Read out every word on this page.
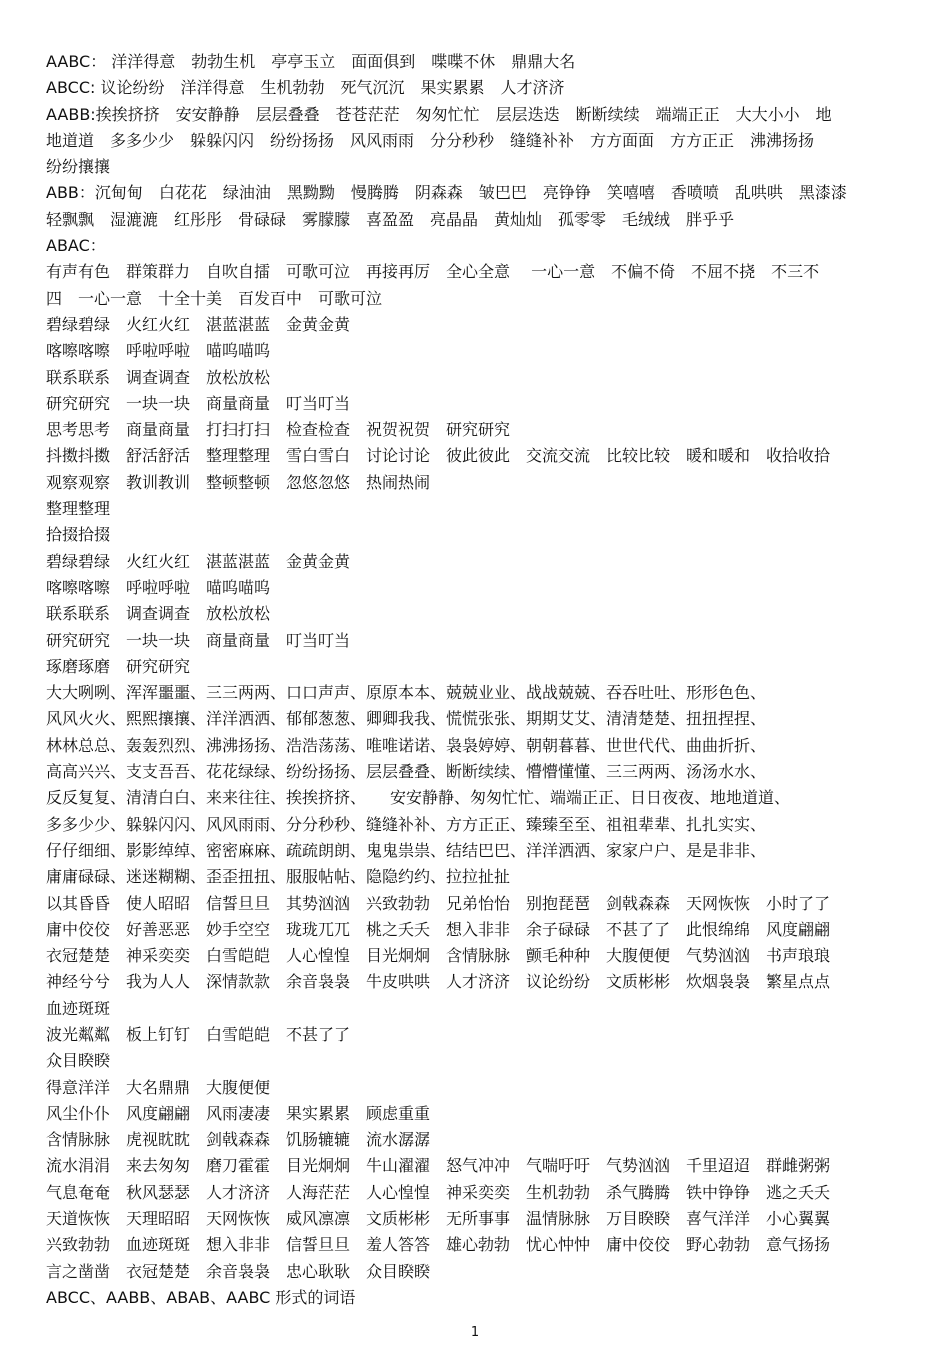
AABC： 洋洋得意　勃勃生机　亭亭玉立　面面俱到　喋喋不休　鼎鼎大名
ABCC: 议论纷纷　洋洋得意　生机勃勃　死气沉沉　果实累累　人才济济
AABB:挨挨挤挤　安安静静　层层叠叠　苍苍茫茫　匆匆忙忙　层层迭迭　断断续续　端端正正　大大小小　地
地道道　多多少少　躲躲闪闪　纷纷扬扬　风风雨雨　分分秒秒　缝缝补补　方方面面　方方正正　沸沸扬扬
纷纷攘攘
ABB：沉甸甸　白花花　绿油油　黑黝黝　慢腾腾　阴森森　皱巴巴　亮铮铮　笑嘻嘻　香喷喷　乱哄哄　黑漆漆
轻飘飘　湿漉漉　红彤彤　骨碌碌　雾朦朦　喜盈盈　亮晶晶　黄灿灿　孤零零　毛绒绒　胖乎乎
ABAC：
有声有色　群策群力　自吹自擂　可歌可泣　再接再厉　全心全意　 一心一意　不偏不倚　不屈不挠　不三不
四　一心一意　十全十美　百发百中　可歌可泣
碧绿碧绿　火红火红　湛蓝湛蓝　金黄金黄
喀嚓喀嚓　呼啦呼啦　喵呜喵呜
联系联系　调查调查　放松放松
研究研究　一块一块　商量商量　叮当叮当
思考思考　商量商量　打扫打扫　检查检查　祝贺祝贺　研究研究
抖擞抖擞　舒活舒活　整理整理　雪白雪白　讨论讨论　彼此彼此　交流交流　比较比较　暖和暖和　收拾收拾
观察观察　教训教训　整顿整顿　忽悠忽悠　热闹热闹
整理整理
拾掇拾掇
碧绿碧绿　火红火红　湛蓝湛蓝　金黄金黄
喀嚓喀嚓　呼啦呼啦　喵呜喵呜
联系联系　调查调查　放松放松
研究研究　一块一块　商量商量　叮当叮当
琢磨琢磨　研究研究
大大咧咧、浑浑噩噩、三三两两、口口声声、原原本本、兢兢业业、战战兢兢、吞吞吐吐、形形色色、
风风火火、熙熙攘攘、洋洋洒洒、郁郁葱葱、卿卿我我、慌慌张张、期期艾艾、清清楚楚、扭扭捏捏、
林林总总、轰轰烈烈、沸沸扬扬、浩浩荡荡、唯唯诺诺、袅袅婷婷、朝朝暮暮、世世代代、曲曲折折、
高高兴兴、支支吾吾、花花绿绿、纷纷扬扬、层层叠叠、断断续续、懵懵懂懂、三三两两、汤汤水水、
反反复复、清清白白、来来往往、挨挨挤挤、　　安安静静、匆匆忙忙、端端正正、日日夜夜、地地道道、
多多少少、躲躲闪闪、风风雨雨、分分秒秒、缝缝补补、方方正正、臻臻至至、祖祖辈辈、扎扎实实、
仔仔细细、影影绰绰、密密麻麻、疏疏朗朗、鬼鬼祟祟、结结巴巴、洋洋洒洒、家家户户、是是非非、
庸庸碌碌、迷迷糊糊、歪歪扭扭、服服帖帖、隐隐约约、拉拉扯扯
以其昏昏　使人昭昭　信誓旦旦　其势汹汹　兴致勃勃　兄弟怡怡　别抱琵琶　剑戟森森　天网恢恢　小时了了
庸中佼佼　好善恶恶　妙手空空　珑珑兀兀　桃之夭夭　想入非非　余子碌碌　不甚了了　此恨绵绵　风度翩翩
衣冠楚楚　神采奕奕　白雪皑皑　人心惶惶　目光炯炯　含情脉脉　颤毛种种　大腹便便　气势汹汹　书声琅琅
神经兮兮　我为人人　深情款款　余音袅袅　牛皮哄哄　人才济济　议论纷纷　文质彬彬　炊烟袅袅　繁星点点
血迹斑斑
波光粼粼　板上钉钉　白雪皑皑　不甚了了
众目睽睽
得意洋洋　大名鼎鼎　大腹便便
风尘仆仆　风度翩翩　风雨凄凄　果实累累　顾虑重重
含情脉脉　虎视眈眈　剑戟森森　饥肠辘辘　流水潺潺
流水涓涓　来去匆匆　磨刀霍霍　目光炯炯　牛山濯濯　怒气冲冲　气喘吁吁　气势汹汹　千里迢迢　群雌粥粥
气息奄奄　秋风瑟瑟　人才济济　人海茫茫　人心惶惶　神采奕奕　生机勃勃　杀气腾腾　铁中铮铮　逃之夭夭
天道恢恢　天理昭昭　天网恢恢　威风凛凛　文质彬彬　无所事事　温情脉脉　万目睽睽　喜气洋洋　小心翼翼
兴致勃勃　血迹斑斑　想入非非　信誓旦旦　羞人答答　雄心勃勃　忧心忡忡　庸中佼佼　野心勃勃　意气扬扬
言之凿凿　衣冠楚楚　余音袅袅　忠心耿耿　众目睽睽
ABCC、AABB、ABAB、AABC 形式的词语
1
